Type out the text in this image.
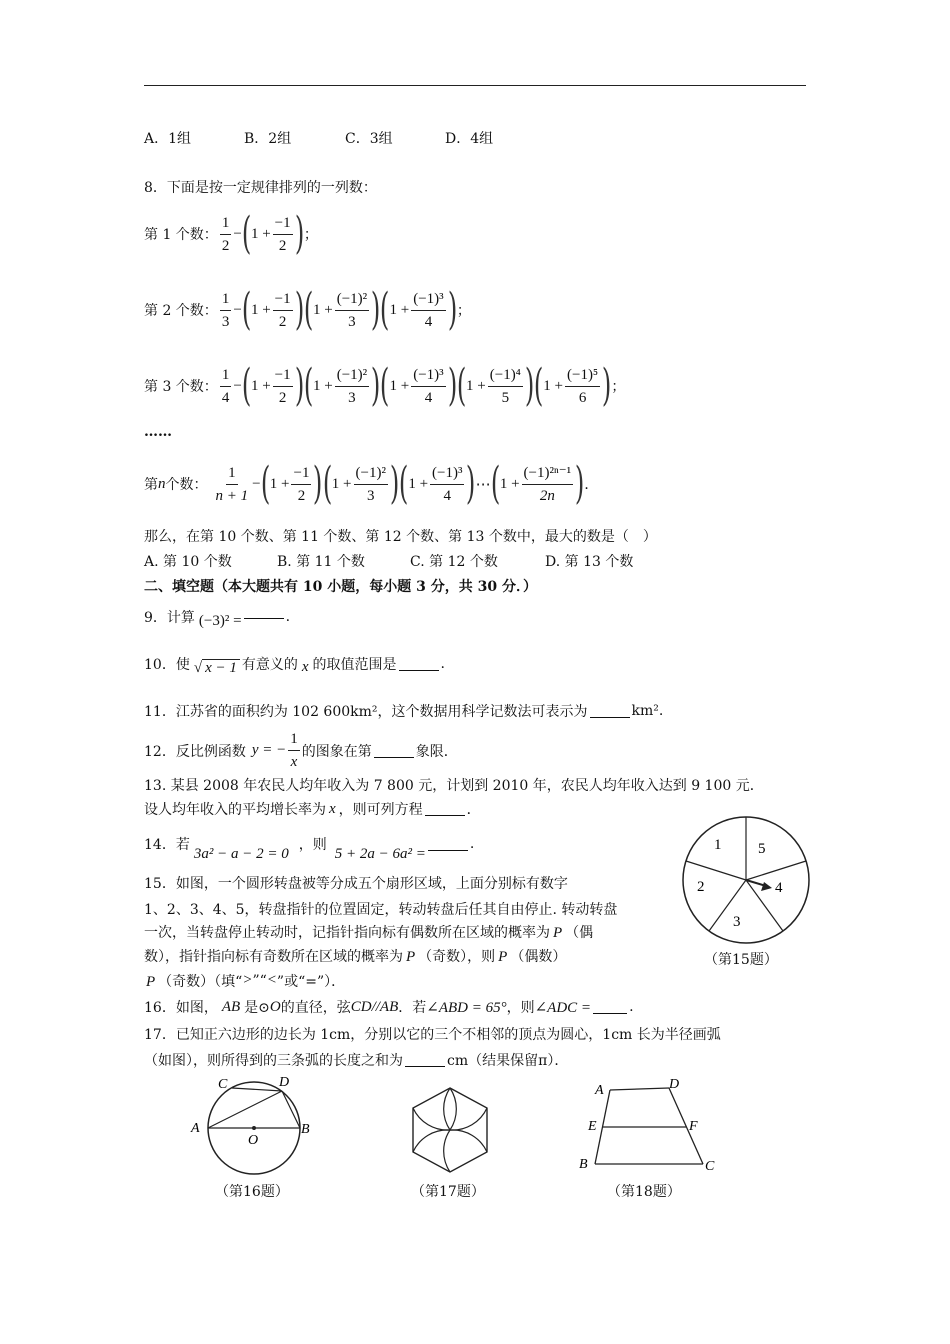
A．1组	B．2组	C．3组	D．4组
8．下面是按一定规律排列的一列数：
第 1 个数： $\frac{1}{2}$ − ( $1 + \frac{-1}{2}$ ) ；
第 2 个数： $\frac{1}{3}$ − ( $1 + \frac{-1}{2}$ ) ( $1 + \frac{\text{(−1)²}}{3}$ ) ( $1 + \frac{\text{(−1)³}}{4}$ ) ；
第 3 个数： $\frac{1}{4}$ − ( $1 + \frac{-1}{2}$ ) ( $1 + \frac{\text{(−1)²}}{3}$ ) ( $1 + \frac{\text{(−1)³}}{4}$ ) ( $1 + \frac{\text{(−1)⁴}}{5}$ ) ( $1 + \frac{\text{(−1)⁵}}{6}$ ) ；
……
第 n 个数： $\frac{1}{n + 1}$ − ( $1 + \frac{-1}{2}$ ) ( $1 + \frac{\text{(−1)²}}{3}$ ) ( $1 + \frac{\text{(−1)³}}{4}$ ) ⋯ ( $1 + \frac{\text{(−1)²ⁿ⁻¹}}{2n}$ ) ．
那么，在第 10 个数、第 11 个数、第 12 个数、第 13 个数中，最大的数是（　）
A. 第 10 个数	B. 第 11 个数	C. 第 12 个数	D. 第 13 个数
二、填空题（本大题共有 10 小题，每小题 3 分，共 30 分．）
9．计算 (−3)² =	.
10．使 √ x − 1 有意义的 x 的取值范围是	.
11．江苏省的面积约为 102 600km²，这个数据用科学记数法可表示为	km².
12．反比例函数 y = − $\frac{1}{x}$ 的图象在第	象限．
13. 某县 2008 年农民人均年收入为 7 800 元，计划到 2010 年，农民人均年收入达到 9 100 元．
设人均年收入的平均增长率为 x ，则可列方程	．
14．若
3a² − a − 2 = 0
，则
5 + 2a − 6a² =
.
15．如图，一个圆形转盘被等分成五个扇形区域，上面分别标有数字
1、2、3、4、5，转盘指针的位置固定，转动转盘后任其自由停止. 转动转盘
一次，当转盘停止转动时，记指针指向标有偶数所在区域的概率为 P （偶
数），指针指向标有奇数所在区域的概率为 P （奇数），则 P （偶数）
P （奇数）（填“ > ”“ < ”或“=”）．
1 5
4
3
2
（第15题）
16．如图， AB 是⊙ O 的直径，弦 CD // AB ．若 ∠ABD = 65° ，则 ∠ADC =	.
17．已知正六边形的边长为 1cm，分别以它的三个不相邻的顶点为圆心，1cm 长为半径画弧
（如图），则所得到的三条弧的长度之和为	cm（结果保留π）．
C	D
A	B
O
（第16题）	（第17题）
A	D
E	F
B	C
（第18题）
